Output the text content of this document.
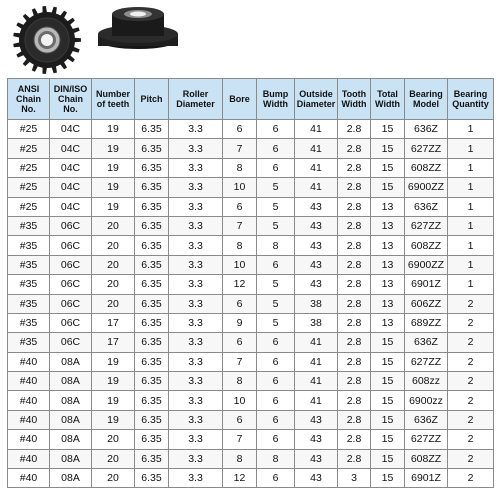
ANSI Chain No.	DIN/ISO Chain No.	Number of teeth	Pitch	Roller Diameter	Bore	Bump Width	Outside Diameter	Tooth Width	Total Width	Bearing Model	Bearing Quantity
#25	04C	19	6.35	3.3	6	6	41	2.8	15	636Z	1
#25	04C	19	6.35	3.3	7	6	41	2.8	15	627ZZ	1
#25	04C	19	6.35	3.3	8	6	41	2.8	15	608ZZ	1
#25	04C	19	6.35	3.3	10	5	41	2.8	15	6900ZZ	1
#25	04C	19	6.35	3.3	6	5	43	2.8	13	636Z	1
#35	06C	20	6.35	3.3	7	5	43	2.8	13	627ZZ	1
#35	06C	20	6.35	3.3	8	8	43	2.8	13	608ZZ	1
#35	06C	20	6.35	3.3	10	6	43	2.8	13	6900ZZ	1
#35	06C	20	6.35	3.3	12	5	43	2.8	13	6901Z	1
#35	06C	20	6.35	3.3	6	5	38	2.8	13	606ZZ	2
#35	06C	17	6.35	3.3	9	5	38	2.8	13	689ZZ	2
#35	06C	17	6.35	3.3	6	6	41	2.8	15	636Z	2
#40	08A	19	6.35	3.3	7	6	41	2.8	15	627ZZ	2
#40	08A	19	6.35	3.3	8	6	41	2.8	15	608zz	2
#40	08A	19	6.35	3.3	10	6	41	2.8	15	6900zz	2
#40	08A	19	6.35	3.3	6	6	43	2.8	15	636Z	2
#40	08A	20	6.35	3.3	7	6	43	2.8	15	627ZZ	2
#40	08A	20	6.35	3.3	8	8	43	2.8	15	608ZZ	2
#40	08A	20	6.35	3.3	12	6	43	3	15	6901Z	2
